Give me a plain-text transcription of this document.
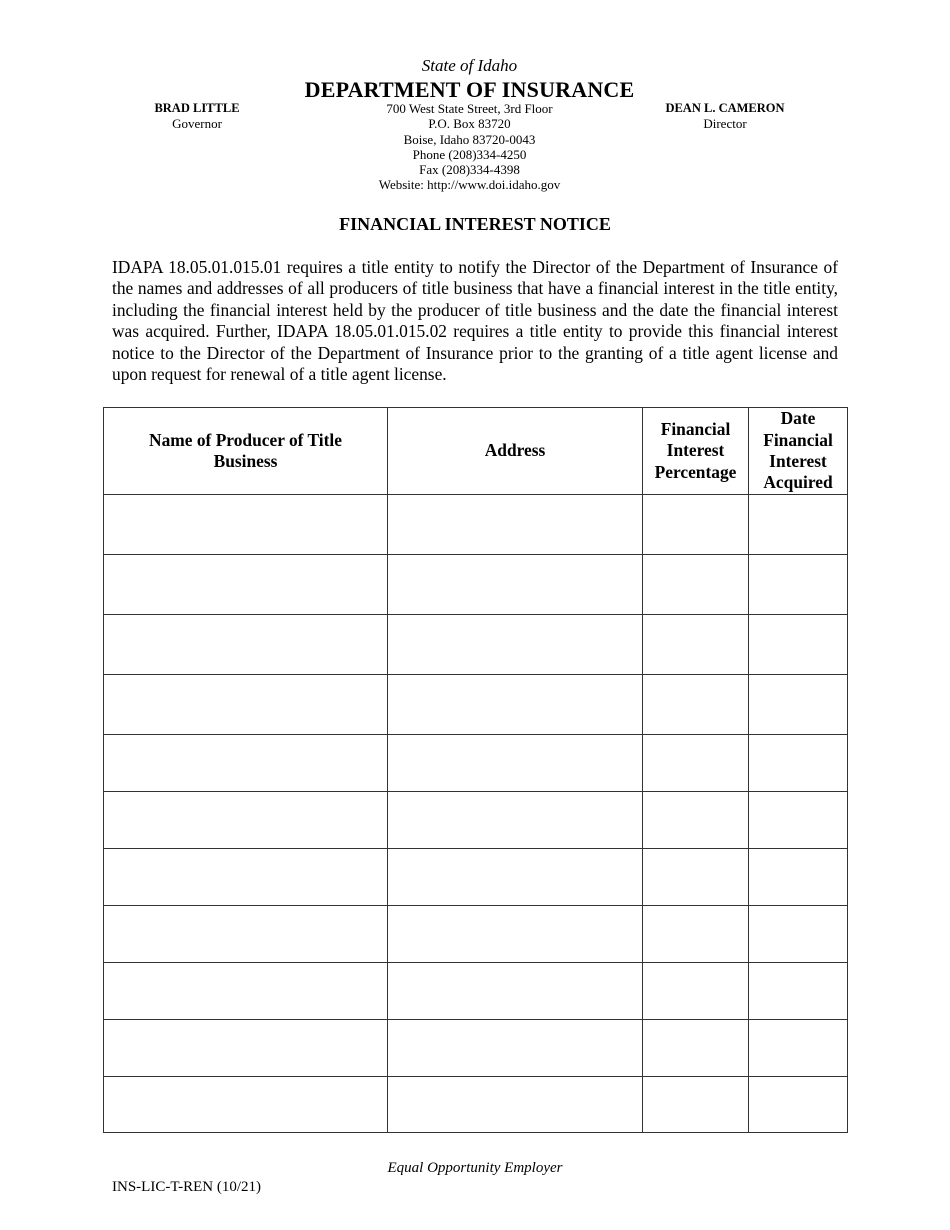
State of Idaho
DEPARTMENT OF INSURANCE
BRAD LITTLE
Governor
700 West State Street, 3rd Floor
P.O. Box 83720
Boise, Idaho 83720-0043
Phone (208)334-4250
Fax (208)334-4398
Website: http://www.doi.idaho.gov
DEAN L. CAMERON
Director
FINANCIAL INTEREST NOTICE
IDAPA 18.05.01.015.01 requires a title entity to notify the Director of the Department of Insurance of the names and addresses of all producers of title business that have a financial interest in the title entity, including the financial interest held by the producer of title business and the date the financial interest was acquired. Further, IDAPA 18.05.01.015.02 requires a title entity to provide this financial interest notice to the Director of the Department of Insurance prior to the granting of a title agent license and upon request for renewal of a title agent license.
Name of Producer of Title Business	Address	Financial Interest Percentage	Date Financial Interest Acquired

Equal Opportunity Employer
INS-LIC-T-REN (10/21)
